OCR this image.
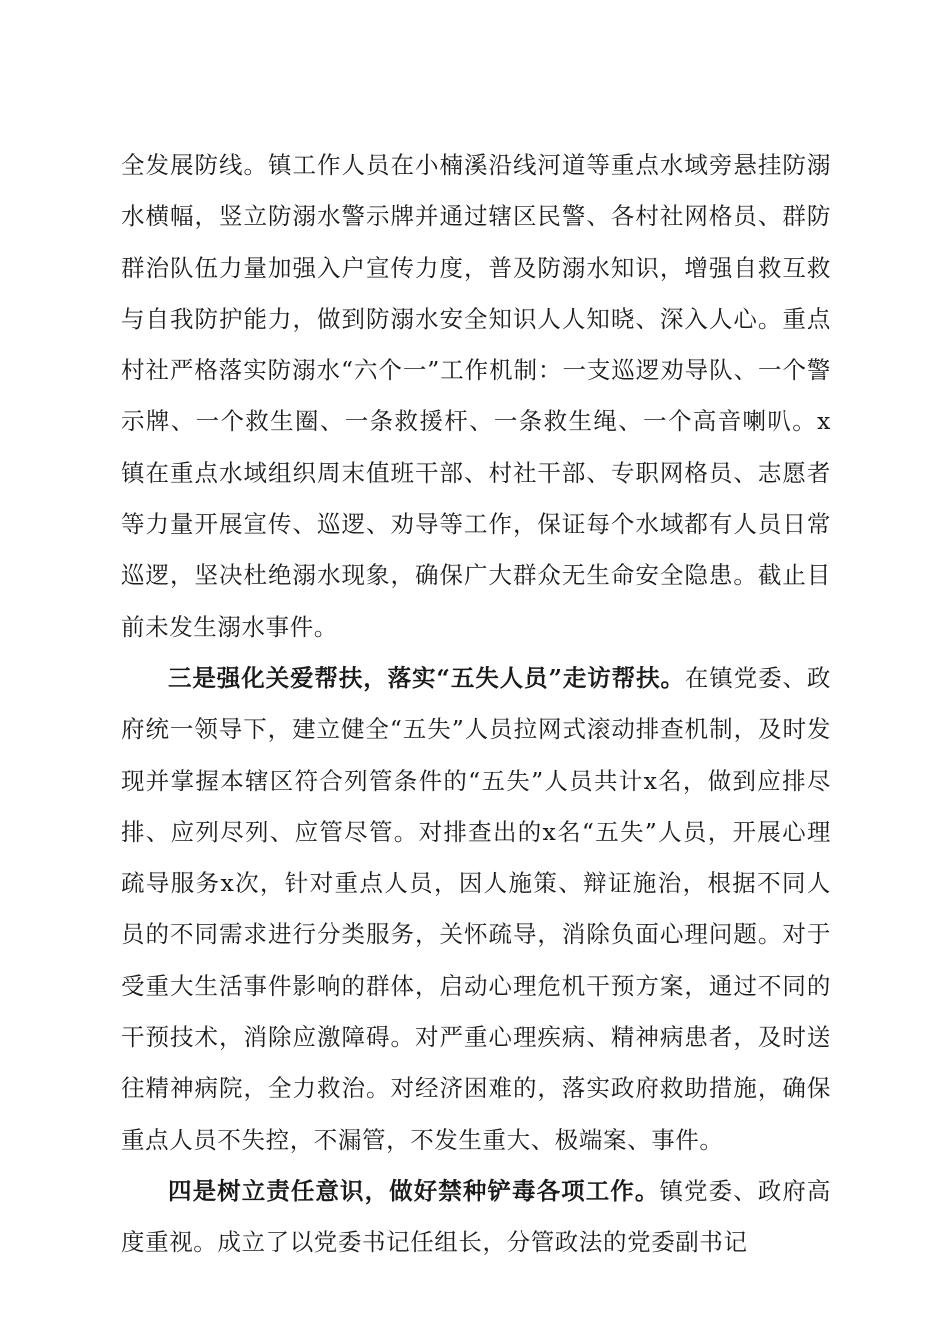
全发展防线。镇工作人员在小楠溪沿线河道等重点水域旁悬挂防溺水横幅，竖立防溺水警示牌并通过辖区民警、各村社网格员、群防群治队伍力量加强入户宣传力度，普及防溺水知识，增强自救互救与自我防护能力，做到防溺水安全知识人人知晓、深入人心。重点村社严格落实防溺水“六个一”工作机制：一支巡逻劝导队、一个警示牌、一个救生圈、一条救援杆、一条救生绳、一个高音喇叭。x镇在重点水域组织周末值班干部、村社干部、专职网格员、志愿者等力量开展宣传、巡逻、劝导等工作，保证每个水域都有人员日常巡逻，坚决杜绝溺水现象，确保广大群众无生命安全隐患。截止目前未发生溺水事件。

三是强化关爱帮扶，落实“五失人员”走访帮扶。在镇党委、政府统一领导下，建立健全“五失”人员拉网式滚动排查机制，及时发现并掌握本辖区符合列管条件的“五失”人员共计x名，做到应排尽排、应列尽列、应管尽管。对排查出的x名“五失”人员，开展心理疏导服务x次，针对重点人员，因人施策、辩证施治，根据不同人员的不同需求进行分类服务，关怀疏导，消除负面心理问题。对于受重大生活事件影响的群体，启动心理危机干预方案，通过不同的干预技术，消除应激障碍。对严重心理疾病、精神病患者，及时送往精神病院，全力救治。对经济困难的，落实政府救助措施，确保重点人员不失控，不漏管，不发生重大、极端案、事件。

四是树立责任意识，做好禁种铲毒各项工作。镇党委、政府高度重视。成立了以党委书记任组长，分管政法的党委副书记
